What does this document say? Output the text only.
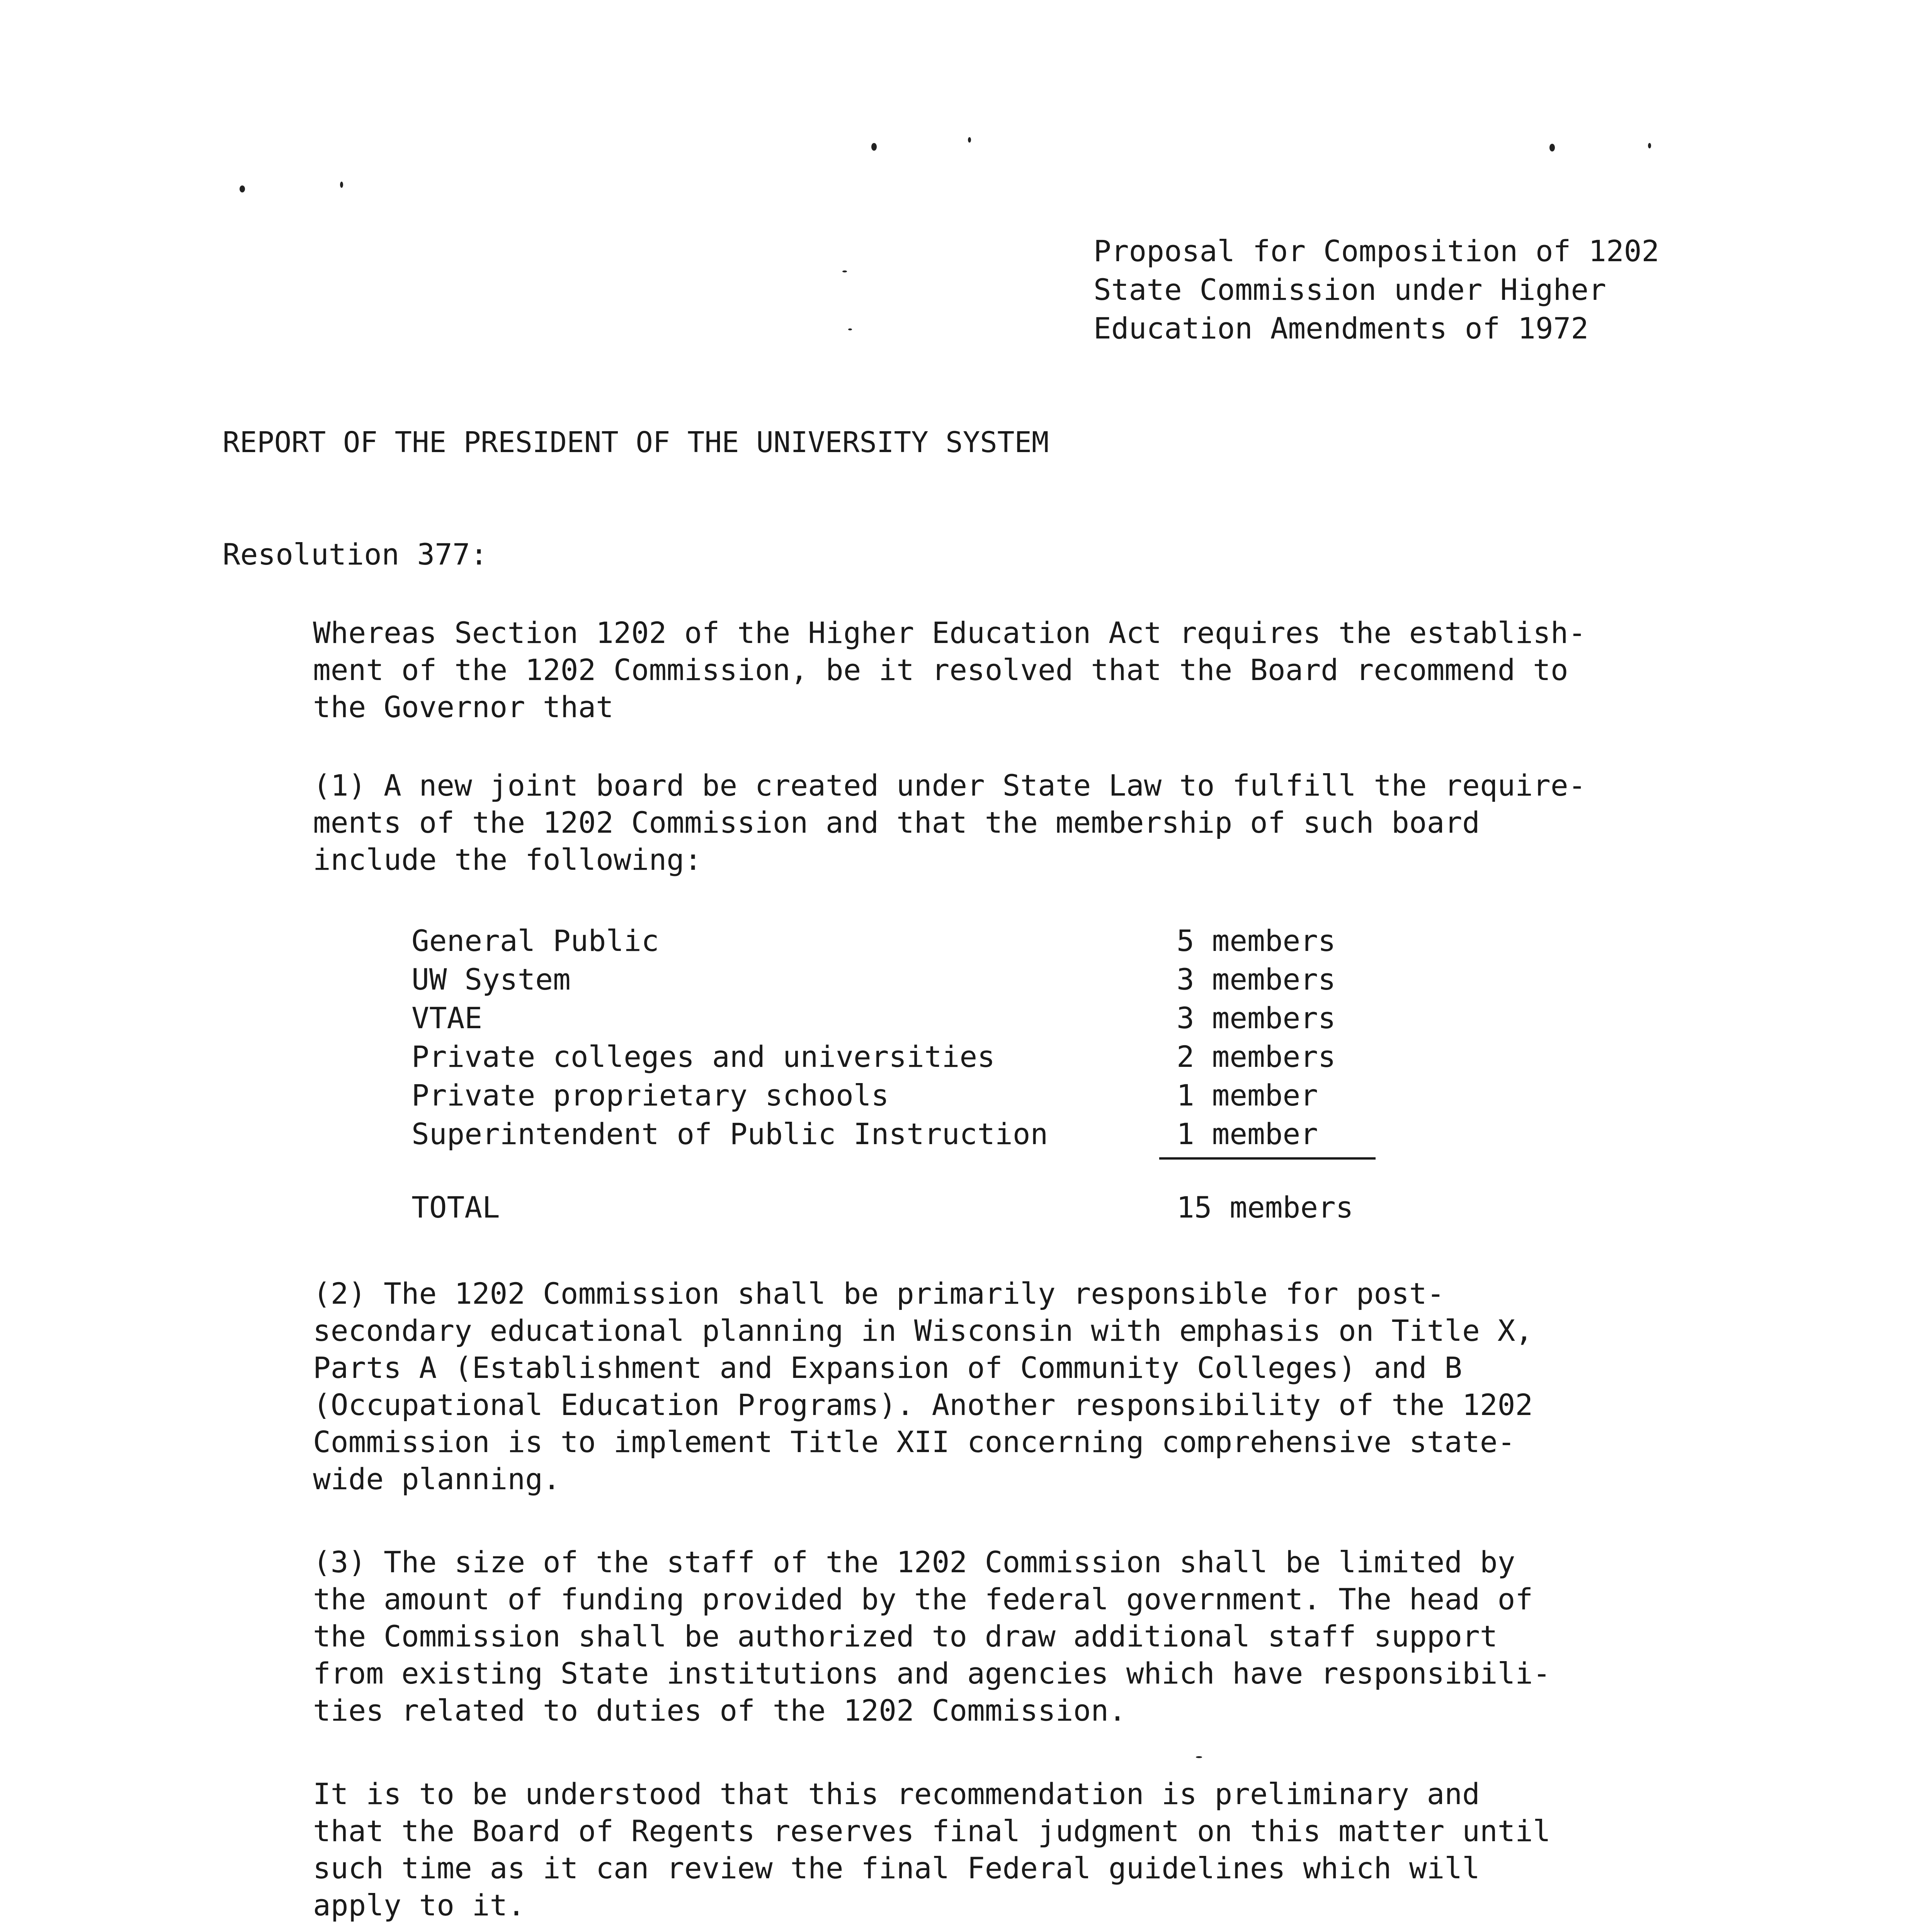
Proposal for Composition of 1202
State Commission under Higher
Education Amendments of 1972
REPORT OF THE PRESIDENT OF THE UNIVERSITY SYSTEM
Resolution 377:
Whereas Section 1202 of the Higher Education Act requires the establish-
ment of the 1202 Commission, be it resolved that the Board recommend to
the Governor that
(1) A new joint board be created under State Law to fulfill the require-
ments of the 1202 Commission and that the membership of such board
include the following:
General Public	5 members
UW System	3 members
VTAE	3 members
Private colleges and universities	2 members
Private proprietary schools	1 member
Superintendent of Public Instruction	1 member
TOTAL	15 members
(2) The 1202 Commission shall be primarily responsible for post-
secondary educational planning in Wisconsin with emphasis on Title X,
Parts A (Establishment and Expansion of Community Colleges) and B
(Occupational Education Programs). Another responsibility of the 1202
Commission is to implement Title XII concerning comprehensive state-
wide planning.
(3) The size of the staff of the 1202 Commission shall be limited by
the amount of funding provided by the federal government. The head of
the Commission shall be authorized to draw additional staff support
from existing State institutions and agencies which have responsibili-
ties related to duties of the 1202 Commission.
It is to be understood that this recommendation is preliminary and
that the Board of Regents reserves final judgment on this matter until
such time as it can review the final Federal guidelines which will
apply to it.
